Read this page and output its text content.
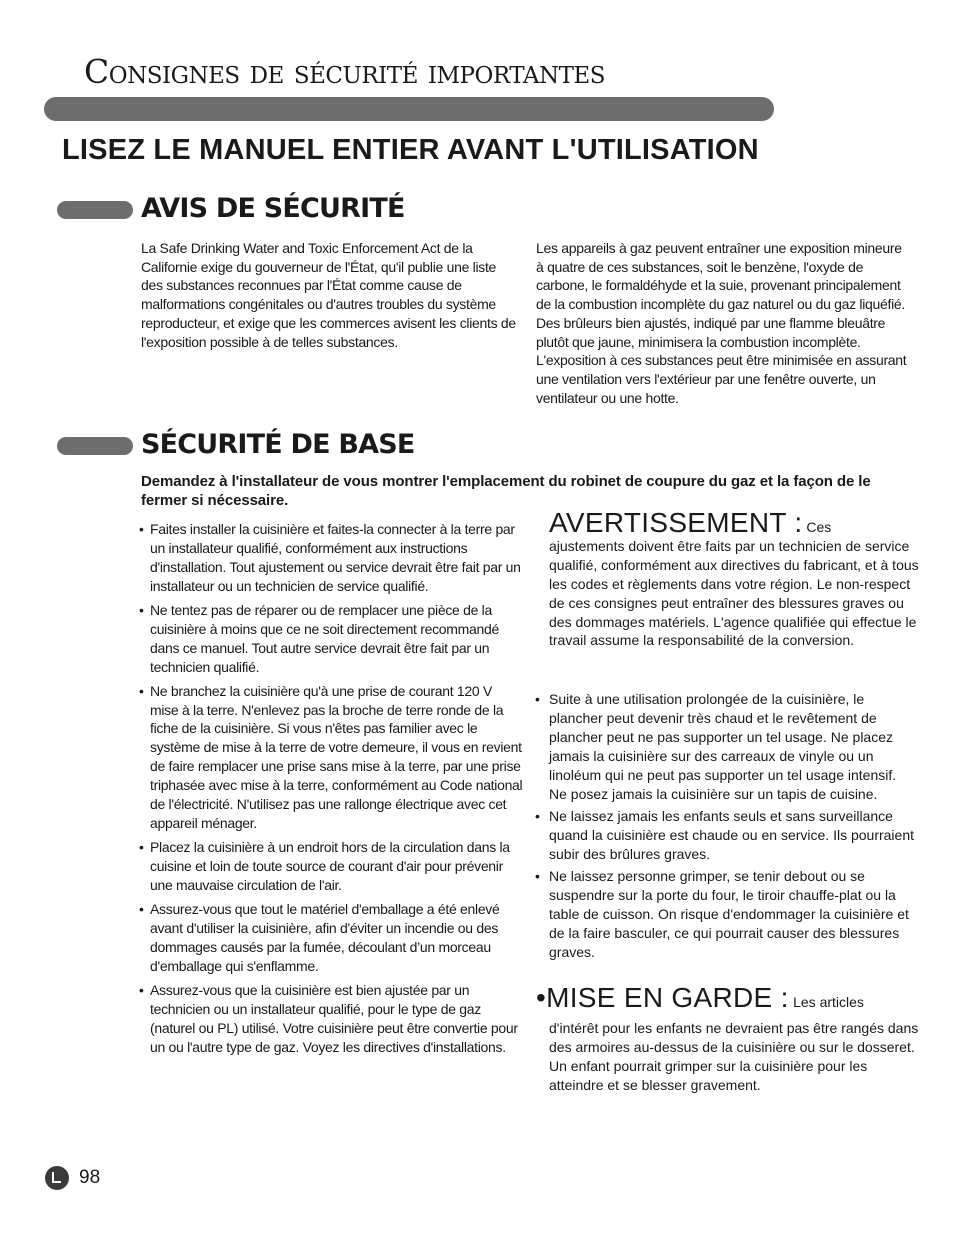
Consignes de sécurité importantes
LISEZ LE MANUEL ENTIER AVANT L'UTILISATION
AVIS DE SÉCURITÉ

La Safe Drinking Water and Toxic Enforcement Act de la Californie exige du gouverneur de l'État, qu'il publie une liste des substances reconnues par l'État comme cause de malformations congénitales ou d'autres troubles du système reproducteur, et exige que les commerces avisent les clients de l'exposition possible à de telles substances.

Les appareils à gaz peuvent entraîner une exposition mineure à quatre de ces substances, soit le benzène, l'oxyde de carbone, le formaldéhyde et la suie, provenant principalement de la combustion incomplète du gaz naturel ou du gaz liquéfié. Des brûleurs bien ajustés, indiqué par une flamme bleuâtre plutôt que jaune, minimisera la combustion incomplète. L'exposition à ces substances peut être minimisée en assurant une ventilation vers l'extérieur par une fenêtre ouverte, un ventilateur ou une hotte.

SÉCURITÉ DE BASE

Demandez à l'installateur de vous montrer l'emplacement du robinet de coupure du gaz et la façon de le fermer si nécessaire.

• Faites installer la cuisinière et faites-la connecter à la terre par un installateur qualifié, conformément aux instructions d'installation. Tout ajustement ou service devrait être fait par un installateur ou un technicien de service qualifié.
• Ne tentez pas de réparer ou de remplacer une pièce de la cuisinière à moins que ce ne soit directement recommandé dans ce manuel. Tout autre service devrait être fait par un technicien qualifié.
• Ne branchez la cuisinière qu'à une prise de courant 120 V mise à la terre. N'enlevez pas la broche de terre ronde de la fiche de la cuisinière. Si vous n'êtes pas familier avec le système de mise à la terre de votre demeure, il vous en revient de faire remplacer une prise sans mise à la terre, par une prise triphasée avec mise à la terre, conformément au Code national de l'électricité. N'utilisez pas une rallonge électrique avec cet appareil ménager.
• Placez la cuisinière à un endroit hors de la circulation dans la cuisine et loin de toute source de courant d'air pour prévenir une mauvaise circulation de l'air.
• Assurez-vous que tout le matériel d'emballage a été enlevé avant d'utiliser la cuisinière, afin d'éviter un incendie ou des dommages causés par la fumée, découlant d’un morceau d'emballage qui s'enflamme.
• Assurez-vous que la cuisinière est bien ajustée par un technicien ou un installateur qualifié, pour le type de gaz (naturel ou PL) utilisé. Votre cuisinière peut être convertie pour un ou l'autre type de gaz. Voyez les directives d'installations.
AVERTISSEMENT : Ces
ajustements doivent être faits par un technicien de service qualifié, conformément aux directives du fabricant, et à tous les codes et règlements dans votre région. Le non-respect de ces consignes peut entraîner des blessures graves ou des dommages matériels. L'agence qualifiée qui effectue le travail assume la responsabilité de la conversion.
• Suite à une utilisation prolongée de la cuisinière, le plancher peut devenir très chaud et le revêtement de plancher peut ne pas supporter un tel usage. Ne placez jamais la cuisinière sur des carreaux de vinyle ou un linoléum qui ne peut pas supporter un tel usage intensif. Ne posez jamais la cuisinière sur un tapis de cuisine.
• Ne laissez jamais les enfants seuls et sans surveillance quand la cuisinière est chaude ou en service. Ils pourraient subir des brûlures graves.
• Ne laissez personne grimper, se tenir debout ou se suspendre sur la porte du four, le tiroir chauffe-plat ou la table de cuisson. On risque d'endommager la cuisinière et de la faire basculer, ce qui pourrait causer des blessures graves.
•MISE EN GARDE : Les articles
d'intérêt pour les enfants ne devraient pas être rangés dans des armoires au-dessus de la cuisinière ou sur le dosseret. Un enfant pourrait grimper sur la cuisinière pour les atteindre et se blesser gravement.
98
